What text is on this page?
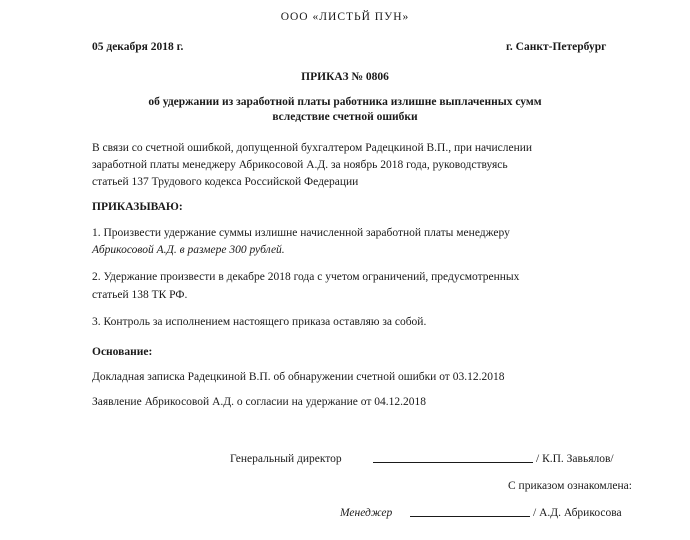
ООО «ЛИСТЬЙ ПУН»
05 декабря 2018 г.	г. Санкт-Петербург
ПРИКАЗ № 0806
об удержании из заработной платы работника излишне выплаченных сумм
вследствие счетной ошибки
В связи со счетной ошибкой, допущенной бухгалтером Радецкиной В.П., при начислении
заработной платы менеджеру Абрикосовой А.Д. за ноябрь 2018 года, руководствуясь
статьей 137 Трудового кодекса Российской Федерации
ПРИКАЗЫВАЮ:
1. Произвести удержание суммы излишне начисленной заработной платы менеджеру
Абрикосовой А.Д. в размере 300 рублей.
2. Удержание произвести в декабре 2018 года с учетом ограничений, предусмотренных
статьей 138 ТК РФ.
3. Контроль за исполнением настоящего приказа оставляю за собой.
Основание:
Докладная записка Радецкиной В.П. об обнаружении счетной ошибки от 03.12.2018
Заявление Абрикосовой А.Д. о согласии на удержание от 04.12.2018
Генеральный директор	/ К.П. Завьялов/
С приказом ознакомлена:
Менеджер	/ А.Д. Абрикосова
